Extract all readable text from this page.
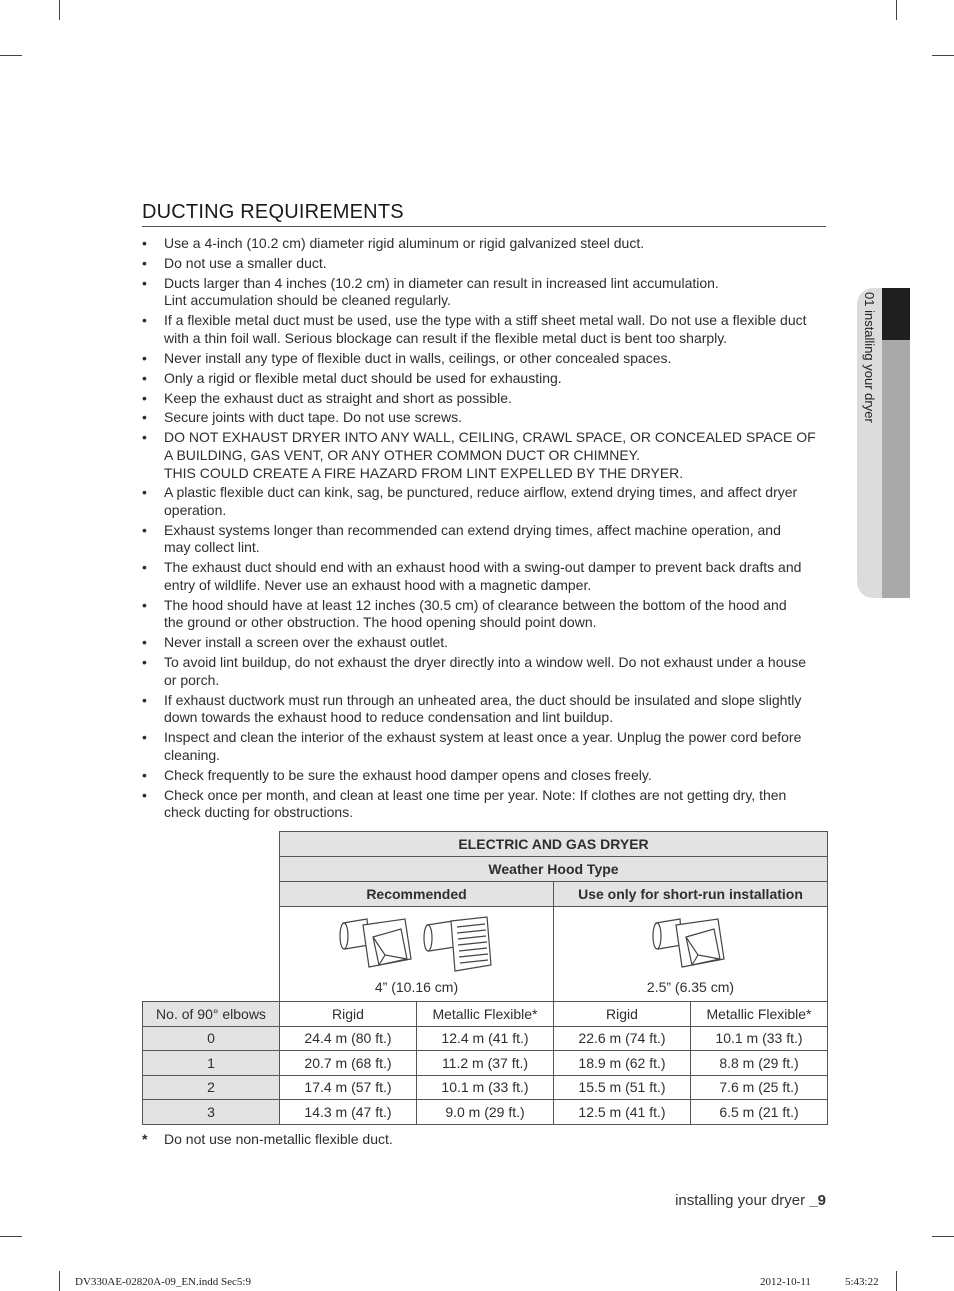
01 installing your dryer
DUCTING REQUIREMENTS
• Use a 4-inch (10.2 cm) diameter rigid aluminum or rigid galvanized steel duct.
• Do not use a smaller duct.
• Ducts larger than 4 inches (10.2 cm) in diameter can result in increased lint accumulation.
Lint accumulation should be cleaned regularly.
• If a flexible metal duct must be used, use the type with a stiff sheet metal wall. Do not use a flexible duct
with a thin foil wall. Serious blockage can result if the flexible metal duct is bent too sharply.
• Never install any type of flexible duct in walls, ceilings, or other concealed spaces.
• Only a rigid or flexible metal duct should be used for exhausting.
• Keep the exhaust duct as straight and short as possible.
• Secure joints with duct tape. Do not use screws.
• DO NOT EXHAUST DRYER INTO ANY WALL, CEILING, CRAWL SPACE, OR CONCEALED SPACE OF
A BUILDING, GAS VENT, OR ANY OTHER COMMON DUCT OR CHIMNEY.
THIS COULD CREATE A FIRE HAZARD FROM LINT EXPELLED BY THE DRYER.
• A plastic flexible duct can kink, sag, be punctured, reduce airflow, extend drying times, and affect dryer
operation.
• Exhaust systems longer than recommended can extend drying times, affect machine operation, and
may collect lint.
• The exhaust duct should end with an exhaust hood with a swing-out damper to prevent back drafts and
entry of wildlife. Never use an exhaust hood with a magnetic damper.
• The hood should have at least 12 inches (30.5 cm) of clearance between the bottom of the hood and
the ground or other obstruction. The hood opening should point down.
• Never install a screen over the exhaust outlet.
• To avoid lint buildup, do not exhaust the dryer directly into a window well. Do not exhaust under a house
or porch.
• If exhaust ductwork must run through an unheated area, the duct should be insulated and slope slightly
down towards the exhaust hood to reduce condensation and lint buildup.
• Inspect and clean the interior of the exhaust system at least once a year. Unplug the power cord before
cleaning.
• Check frequently to be sure the exhaust hood damper opens and closes freely.
• Check once per month, and clean at least one time per year. Note: If clothes are not getting dry, then
check ducting for obstructions.
	ELECTRIC AND GAS DRYER			
	Weather Hood Type			
	Recommended		Use only for short-run installation	

	4” (10.16 cm)		2.5” (6.35 cm)	

No. of 90° elbows	Rigid	Metallic Flexible*	Rigid	Metallic Flexible*
0	24.4 m (80 ft.)	12.4 m (41 ft.)	22.6 m (74 ft.)	10.1 m (33 ft.)
1	20.7 m (68 ft.)	11.2 m (37 ft.)	18.9 m (62 ft.)	8.8 m (29 ft.)
2	17.4 m (57 ft.)	10.1 m (33 ft.)	15.5 m (51 ft.)	7.6 m (25 ft.)
3	14.3 m (47 ft.)	9.0 m (29 ft.)	12.5 m (41 ft.)	6.5 m (21 ft.)
* Do not use non-metallic flexible duct.
installing your dryer _9
DV330AE-02820A-09_EN.indd Sec5:9	2012-10-11	5:43:22
